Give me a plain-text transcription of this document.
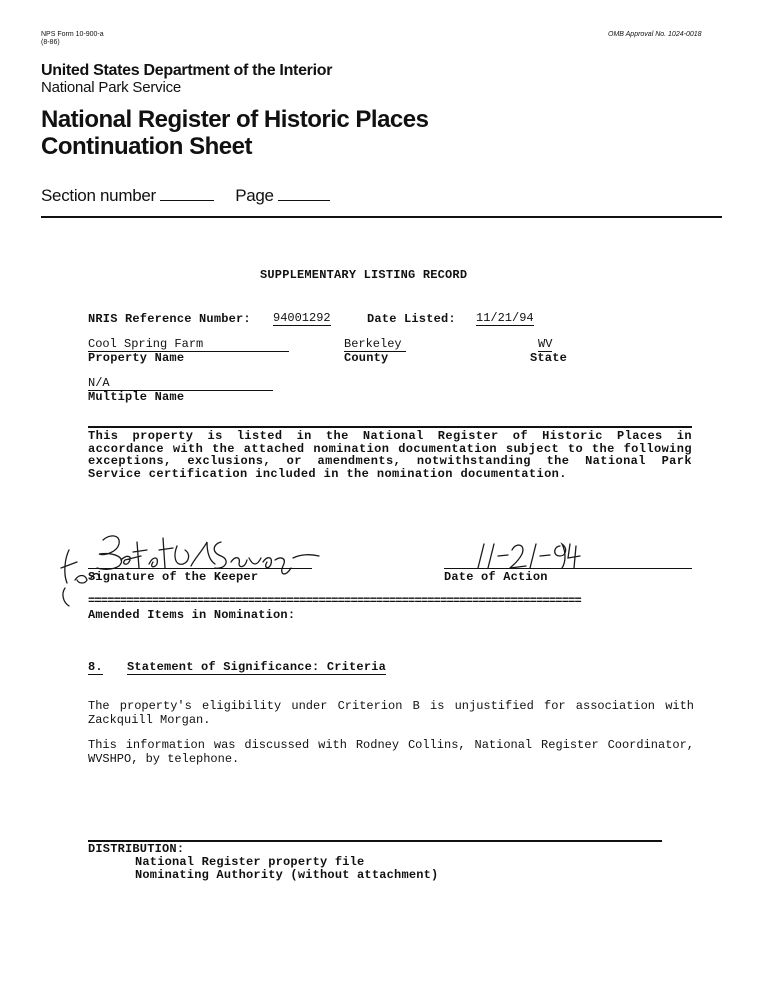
NPS Form 10-900-a
(8-86)
OMB Approval No. 1024-0018
United States Department of the Interior
National Park Service
National Register of Historic Places
Continuation Sheet
Section number	Page
SUPPLEMENTARY LISTING RECORD
NRIS Reference Number: 94001292	Date Listed: 11/21/94
Cool Spring Farm
Property Name
Berkeley
County
WV
State
N/A
Multiple Name
This property is listed in the National Register of Historic Places in accordance with the attached nomination documentation subject to the following exceptions, exclusions, or amendments, notwithstanding the National Park Service certification included in the nomination documentation.
Signature of the Keeper	Date of Action
=============================================================================
Amended Items in Nomination:
8. Statement of Significance: Criteria
The property's eligibility under Criterion B is unjustified for association with Zackquill Morgan.
This information was discussed with Rodney Collins, National Register Coordinator, WVSHPO, by telephone.
DISTRIBUTION:
National Register property file
Nominating Authority (without attachment)
